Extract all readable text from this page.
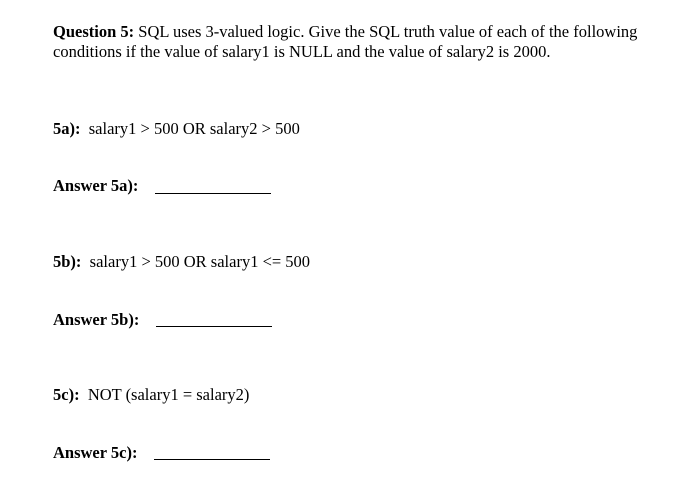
Question 5: SQL uses 3-valued logic. Give the SQL truth value of each of the following
conditions if the value of salary1 is NULL and the value of salary2 is 2000.
5a): salary1 > 500 OR salary2 > 500
Answer 5a):
5b): salary1 > 500 OR salary1 <= 500
Answer 5b):
5c): NOT (salary1 = salary2)
Answer 5c):
